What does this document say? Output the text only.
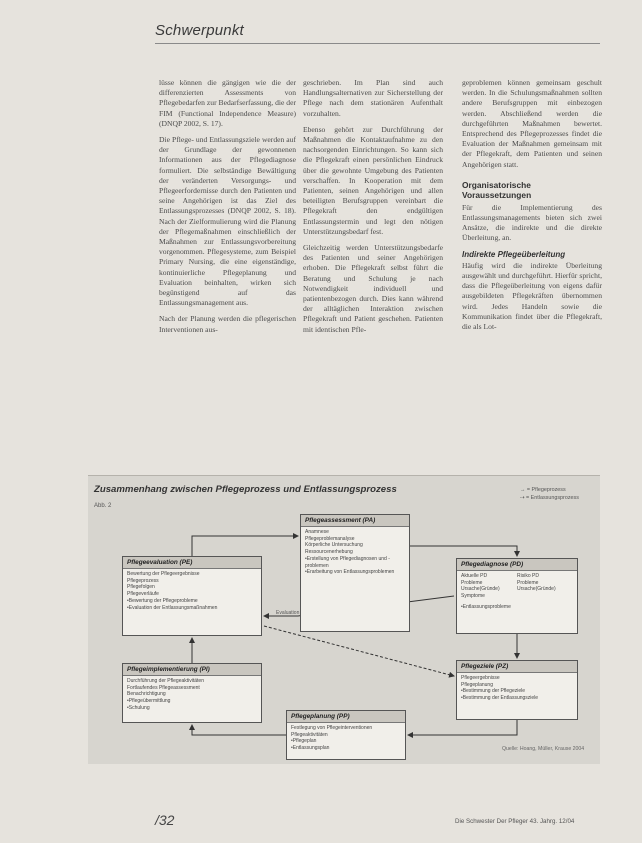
Schwerpunkt

lüsse können die gängigen wie die der differenzierten Assessments von Pflegebedarfen zur Bedarfserfassung, die der FIM (Functional Independence Measure) (DNQP 2002, S. 17).

Die Pflege- und Entlassungsziele werden auf der Grundlage der gewonnenen Informationen aus der Pflegediagnose formuliert. Die selbständige Bewältigung der veränderten Versorgungs- und Pflegeerfordernisse durch den Patienten und seine Angehörigen ist das Ziel des Entlassungsprozesses (DNQP 2002, S. 18). Nach der Zielformulierung wird die Planung der Pflegemaßnahmen einschließlich der Maßnahmen zur Entlassungsvorbereitung vorgenommen. Pflegesysteme, zum Beispiel Primary Nursing, die eine eigenständige, kontinuierliche Pflegeplanung und Evaluation beinhalten, wirken sich begünstigend auf das Entlassungsmanagement aus.

Nach der Planung werden die pflegerischen Interventionen aus-

geschrieben. Im Plan sind auch Handlungsalternativen zur Sicherstellung der Pflege nach dem stationären Aufenthalt vorzuhalten.

Ebenso gehört zur Durchführung der Maßnahmen die Kontaktaufnahme zu den nachsorgenden Einrichtungen. So kann sich die Pflegekraft einen persönlichen Eindruck über die gewohnte Umgebung des Patienten verschaffen. In Kooperation mit dem Patienten, seinen Angehörigen und allen beteiligten Berufsgruppen vereinbart die Pflegekraft den endgültigen Entlassungstermin und legt den nötigen Unterstützungsbedarf fest.

Gleichzeitig werden Unterstützungsbedarfe des Patienten und seiner Angehörigen erhoben. Die Pflegekraft selbst führt die Beratung und Schulung je nach Notwendigkeit individuell und patientenbezogen durch. Dies kann während der alltäglichen Interaktion zwischen Pflegekraft und Patient geschehen. Patienten mit identischen Pfle-

geproblemen können gemeinsam geschult werden. In die Schulungsmaßnahmen sollten andere Berufsgruppen mit einbezogen werden. Abschließend werden die durchgeführten Maßnahmen bewertet. Entsprechend des Pflegeprozesses findet die Evaluation der Maßnahmen gemeinsam mit der Pflegekraft, dem Patienten und seinen Angehörigen statt.

Organisatorische Voraussetzungen

Für die Implementierung des Entlassungsmanagements bieten sich zwei Ansätze, die indirekte und die direkte Überleitung, an.

Indirekte Pflegeüberleitung

Häufig wird die indirekte Überleitung ausgewählt und durchgeführt. Hierfür spricht, dass die Pflegeüberleitung von eigens dafür ausgebildeten Pflegekräften übernommen wird. Jedes Handeln sowie die Kommunikation findet über die Pflegekraft, die als Lot-

Zusammenhang zwischen Pflegeprozess und Entlassungsprozess
Abb. 2
→ = Pflegeprozess
⇢ = Entlassungsprozess
Evaluation
Pflegeassessment (PA)
Anamnese
Pflegeproblemanalyse
Körperliche Untersuchung
Ressourcenerhebung
• Erstellung von Pflegediagnosen und -problemen
• Erarbeitung von Entlassungsproblemen
Pflegeevaluation (PE)
Bewertung der Pflegeergebnisse
Pflegeprozess
Pflegefolgen
Pflegeverläufe
• Bewertung der Pflegeprobleme
• Evaluation der Entlassungsmaßnahmen
Pflegediagnose (PD)
Aktuelle PD
Probleme
Ursache(Gründe)
Symptome
Risiko PD
Probleme
Ursache(Gründe)
• Entlassungsprobleme
Pflegeimplementierung (PI)
Durchführung der Pflegeaktivitäten
Fortlaufendes Pflegeassessment
Benachrichtigung
• Pflegeübermittlung
• Schulung
Pflegeziele (PZ)
Pflegeergebnisse
Pflegeplanung
• Bestimmung der Pflegeziele
• Bestimmung der Entlassungsziele
Pflegeplanung (PP)
Festlegung von Pflegeinterventionen
Pflegeaktivitäten
• Pflegeplan
• Entlassungsplan	Quelle: Hoang, Müller, Krause 2004
/32	Die Schwester Der Pfleger 43. Jahrg. 12/04
